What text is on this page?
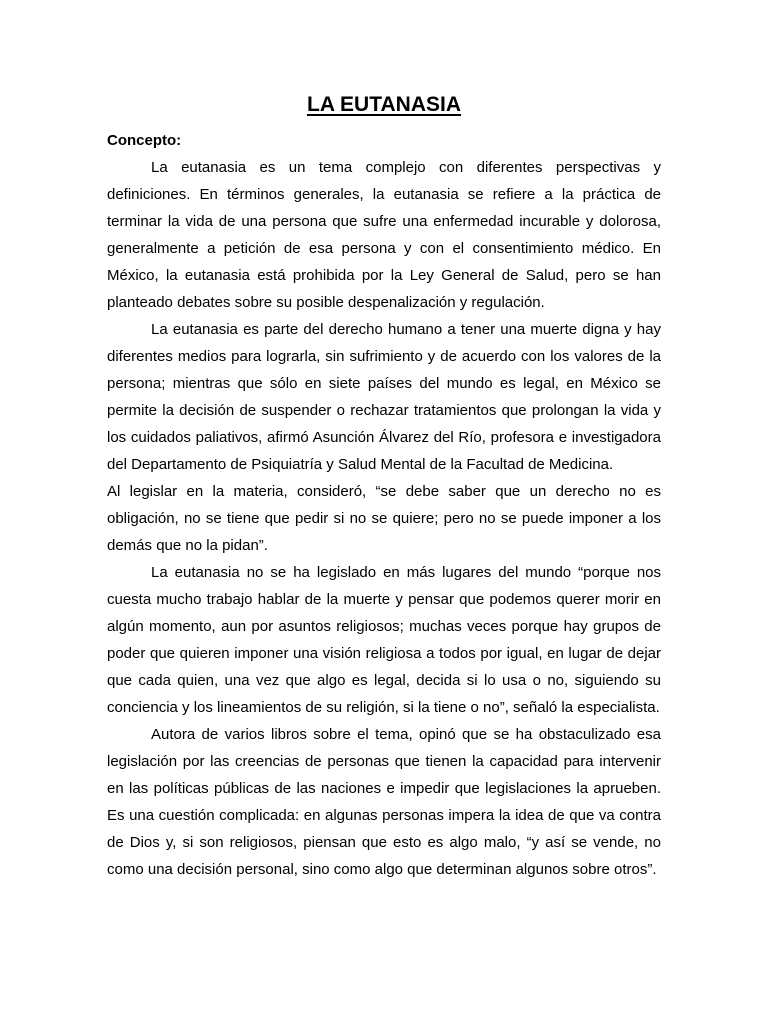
LA EUTANASIA

Concepto:

La eutanasia es un tema complejo con diferentes perspectivas y definiciones. En términos generales, la eutanasia se refiere a la práctica de terminar la vida de una persona que sufre una enfermedad incurable y dolorosa, generalmente a petición de esa persona y con el consentimiento médico. En México, la eutanasia está prohibida por la Ley General de Salud, pero se han planteado debates sobre su posible despenalización y regulación.

La eutanasia es parte del derecho humano a tener una muerte digna y hay diferentes medios para lograrla, sin sufrimiento y de acuerdo con los valores de la persona; mientras que sólo en siete países del mundo es legal, en México se permite la decisión de suspender o rechazar tratamientos que prolongan la vida y los cuidados paliativos, afirmó Asunción Álvarez del Río, profesora e investigadora del Departamento de Psiquiatría y Salud Mental de la Facultad de Medicina.

Al legislar en la materia, consideró, “se debe saber que un derecho no es obligación, no se tiene que pedir si no se quiere; pero no se puede imponer a los demás que no la pidan”.

La eutanasia no se ha legislado en más lugares del mundo “porque nos cuesta mucho trabajo hablar de la muerte y pensar que podemos querer morir en algún momento, aun por asuntos religiosos; muchas veces porque hay grupos de poder que quieren imponer una visión religiosa a todos por igual, en lugar de dejar que cada quien, una vez que algo es legal, decida si lo usa o no, siguiendo su conciencia y los lineamientos de su religión, si la tiene o no”, señaló la especialista.

Autora de varios libros sobre el tema, opinó que se ha obstaculizado esa legislación por las creencias de personas que tienen la capacidad para intervenir en las políticas públicas de las naciones e impedir que legislaciones la aprueben. Es una cuestión complicada: en algunas personas impera la idea de que va contra de Dios y, si son religiosos, piensan que esto es algo malo, “y así se vende, no como una decisión personal, sino como algo que determinan algunos sobre otros”.
